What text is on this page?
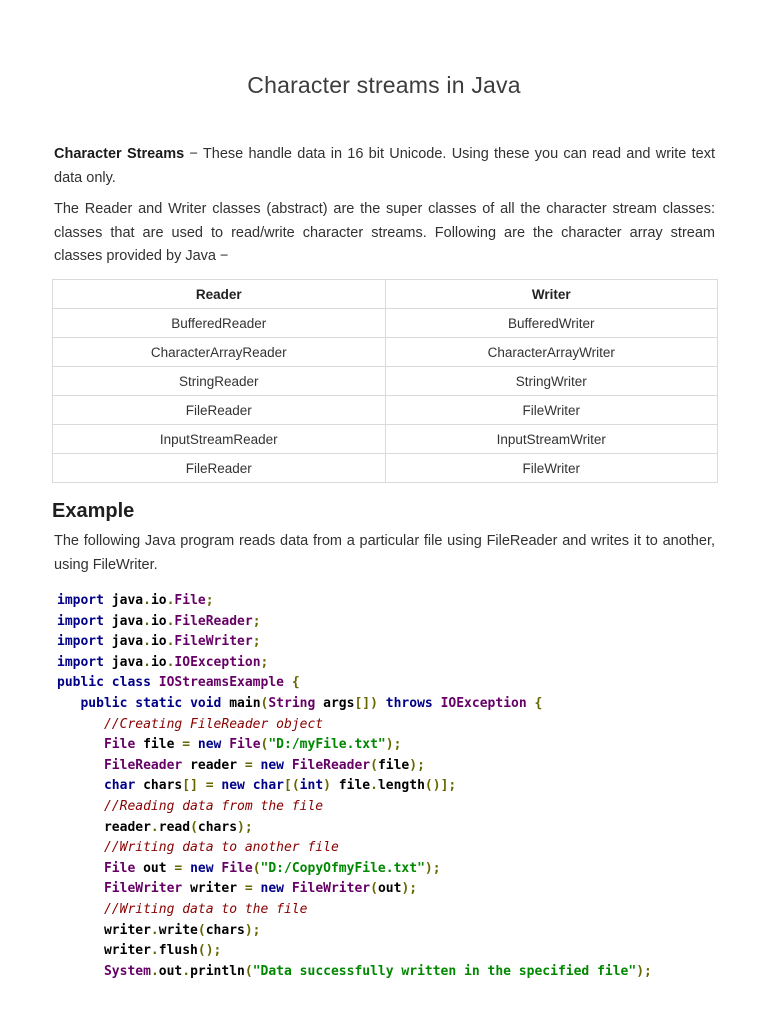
Character streams in Java

Character Streams − These handle data in 16 bit Unicode. Using these you can read and write text data only.

The Reader and Writer classes (abstract) are the super classes of all the character stream classes: classes that are used to read/write character streams. Following are the character array stream classes provided by Java −

Reader	Writer
BufferedReader	BufferedWriter
CharacterArrayReader	CharacterArrayWriter
StringReader	StringWriter
FileReader	FileWriter
InputStreamReader	InputStreamWriter
FileReader	FileWriter
Example

The following Java program reads data from a particular file using FileReader and writes it to another, using FileWriter.

import java.io.File;
import java.io.FileReader;
import java.io.FileWriter;
import java.io.IOException;
public class IOStreamsExample {
public static void main(String args[]) throws IOException {
//Creating FileReader object
File file = new File("D:/myFile.txt");
FileReader reader = new FileReader(file);
char chars[] = new char[(int) file.length()];
//Reading data from the file
reader.read(chars);
//Writing data to another file
File out = new File("D:/CopyOfmyFile.txt");
FileWriter writer = new FileWriter(out);
//Writing data to the file
writer.write(chars);
writer.flush();
System.out.println("Data successfully written in the specified file");
